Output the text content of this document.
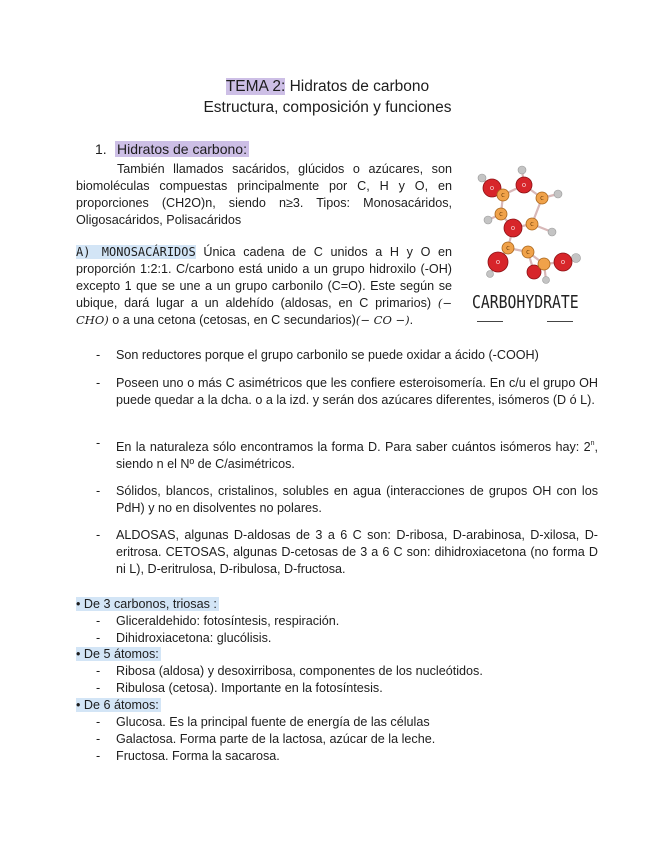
TEMA 2: Hidratos de carbono
Estructura, composición y funciones
1. Hidratos de carbono:
También llamados sacáridos, glúcidos o azúcares, son biomoléculas compuestas principalmente por C, H y O, en proporciones (CH2O)n, siendo n≥3. Tipos: Monosacáridos, Oligosacáridos, Polisacáridos
A) MONOSACÁRIDOS Única cadena de C unidos a H y O en proporción 1:2:1. C/carbono está unido a un grupo hidroxilo (-OH) excepto 1 que se une a un grupo carbonilo (C=O). Este según se ubique, dará lugar a un aldehído (aldosas, en C primarios) (− CHO) o a una cetona (cetosas, en C secundarios)(− CO −).
O
C
O
C
C
O
C
C
O
C
O
CARBOHYDRATE
- Son reductores porque el grupo carbonilo se puede oxidar a ácido (-COOH)
- Poseen uno o más C asimétricos que les confiere esteroisomería. En c/u el grupo OH puede quedar a la dcha. o a la izd. y serán dos azúcares diferentes, isómeros (D ó L).
- En la naturaleza sólo encontramos la forma D. Para saber cuántos isómeros hay: 2$^n$, siendo n el Nº de C/asimétricos.
- Sólidos, blancos, cristalinos, solubles en agua (interacciones de grupos OH con los PdH) y no en disolventes no polares.
- ALDOSAS, algunas D-aldosas de 3 a 6 C son: D-ribosa, D-arabinosa, D-xilosa, D-eritrosa. CETOSAS, algunas D-cetosas de 3 a 6 C son: dihidroxiacetona (no forma D ni L), D-eritrulosa, D-ribulosa, D-fructosa.
• De 3 carbonos, triosas :
- Gliceraldehido: fotosíntesis, respiración.
- Dihidroxiacetona: glucólisis.
• De 5 átomos:
- Ribosa (aldosa) y desoxirribosa, componentes de los nucleótidos.
- Ribulosa (cetosa). Importante en la fotosíntesis.
• De 6 átomos:
- Glucosa. Es la principal fuente de energía de las células
- Galactosa. Forma parte de la lactosa, azúcar de la leche.
- Fructosa. Forma la sacarosa.
